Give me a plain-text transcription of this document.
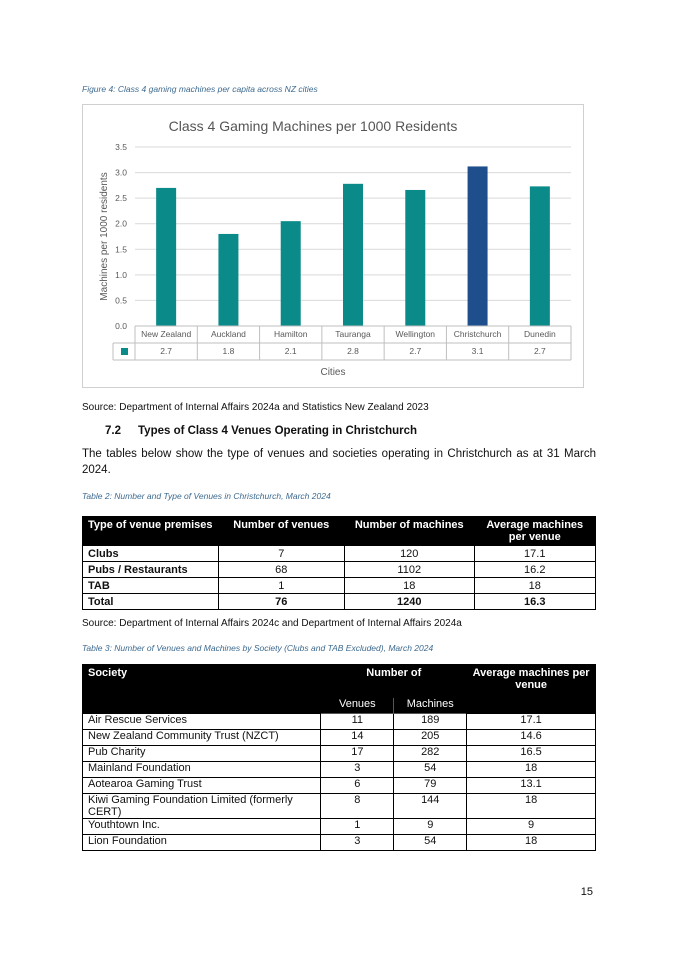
Figure 4: Class 4 gaming machines per capita across NZ cities
Class 4 Gaming Machines per 1000 Residents
0.0
0.5
1.0
1.5
2.0
2.5
3.0
3.5
Machines per 1000 residents
New Zealand
2.7
Auckland
1.8
Hamilton
2.1
Tauranga
2.8
Wellington
2.7
Christchurch
3.1
Dunedin
2.7
Cities
Source: Department of Internal Affairs 2024a and Statistics New Zealand 2023
7.2 Types of Class 4 Venues Operating in Christchurch
The tables below show the type of venues and societies operating in Christchurch as at 31 March 2024.
Table 2: Number and Type of Venues in Christchurch, March 2024
Type of venue premises	Number of venues	Number of machines	Average machines per venue
Clubs	7	120	17.1
Pubs / Restaurants	68	1102	16.2
TAB	1	18	18
Total	76	1240	16.3
Source: Department of Internal Affairs 2024c and Department of Internal Affairs 2024a
Table 3: Number of Venues and Machines by Society (Clubs and TAB Excluded), March 2024
Society	Number of		Average machines per venue
	Venues	Machines	
Air Rescue Services	11	189	17.1
New Zealand Community Trust (NZCT)	14	205	14.6
Pub Charity	17	282	16.5
Mainland Foundation	3	54	18
Aotearoa Gaming Trust	6	79	13.1
Kiwi Gaming Foundation Limited (formerly CERT)	8	144	18
Youthtown Inc.	1	9	9
Lion Foundation	3	54	18
15
